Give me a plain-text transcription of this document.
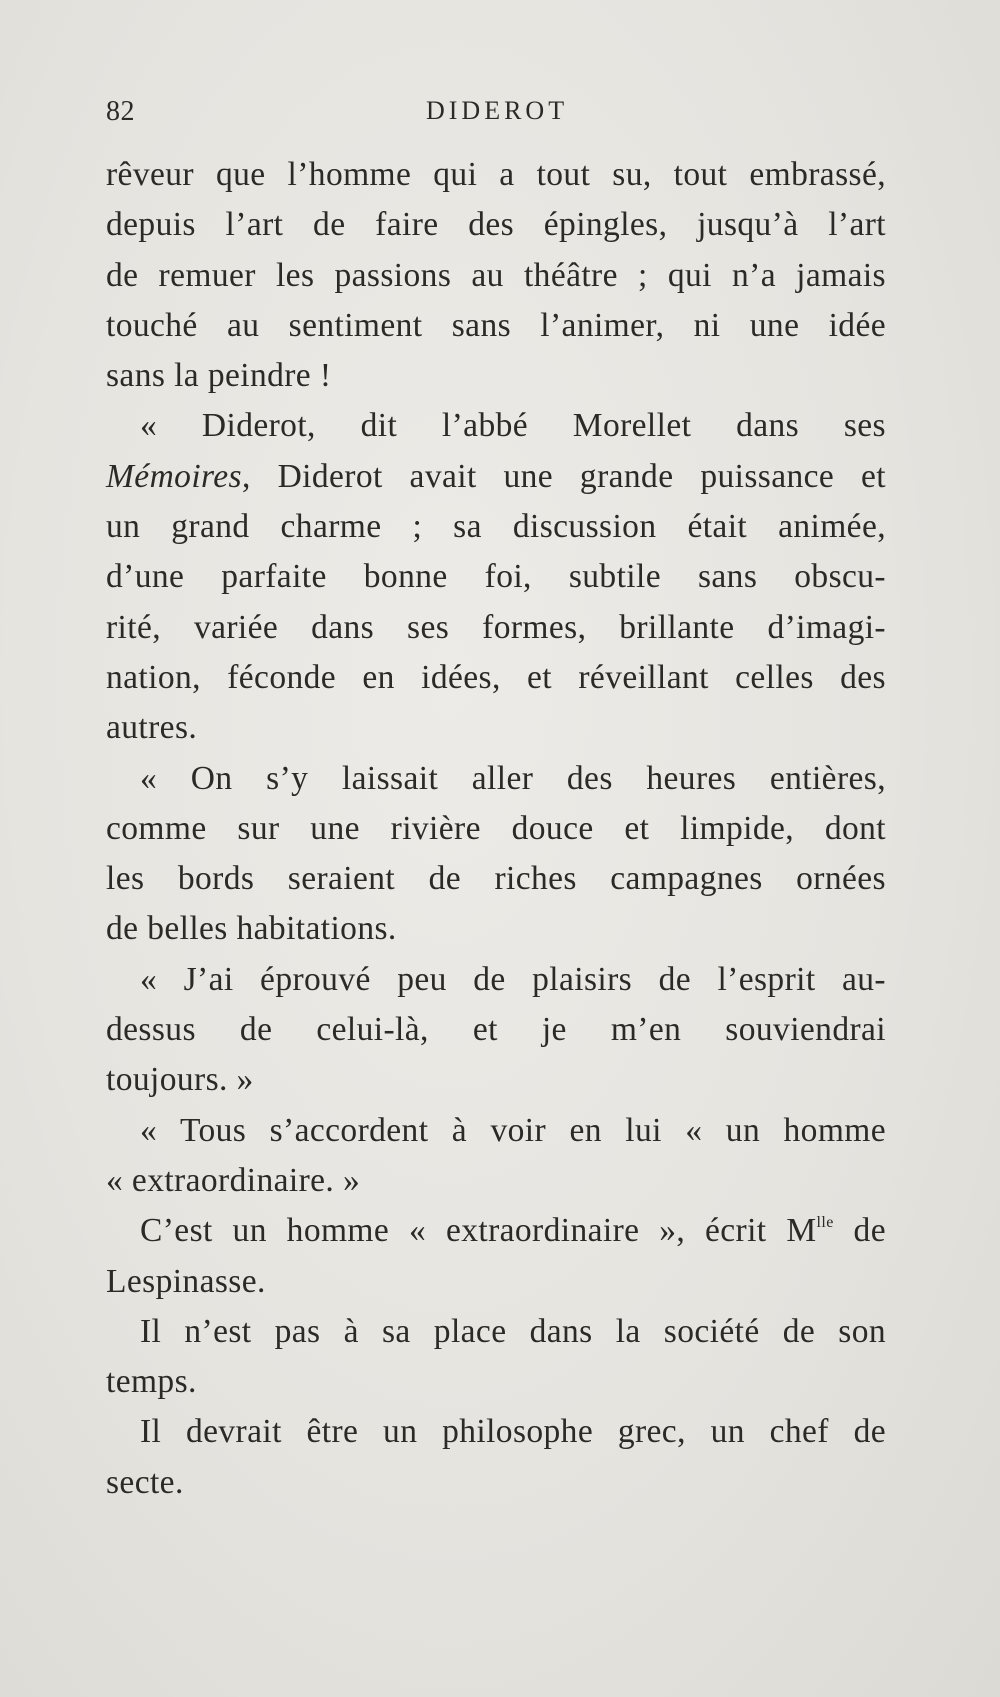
82	DIDEROT
rêveur que l’homme qui a tout su, tout embrassé,
depuis l’art de faire des épingles, jusqu’à l’art
de remuer les passions au théâtre ; qui n’a jamais
touché au sentiment sans l’animer, ni une idée
sans la peindre !
« Diderot, dit l’abbé Morellet dans ses
Mémoires, Diderot avait une grande puissance et
un grand charme ; sa discussion était animée,
d’une parfaite bonne foi, subtile sans obscu-
rité, variée dans ses formes, brillante d’imagi-
nation, féconde en idées, et réveillant celles des
autres.
« On s’y laissait aller des heures entières,
comme sur une rivière douce et limpide, dont
les bords seraient de riches campagnes ornées
de belles habitations.
« J’ai éprouvé peu de plaisirs de l’esprit au-
dessus de celui-là, et je m’en souviendrai
toujours. »
« Tous s’accordent à voir en lui « un homme
« extraordinaire. »
C’est un homme « extraordinaire », écrit $M^{lle}$ de
Lespinasse.
Il n’est pas à sa place dans la société de son
temps.
Il devrait être un philosophe grec, un chef de
secte.
